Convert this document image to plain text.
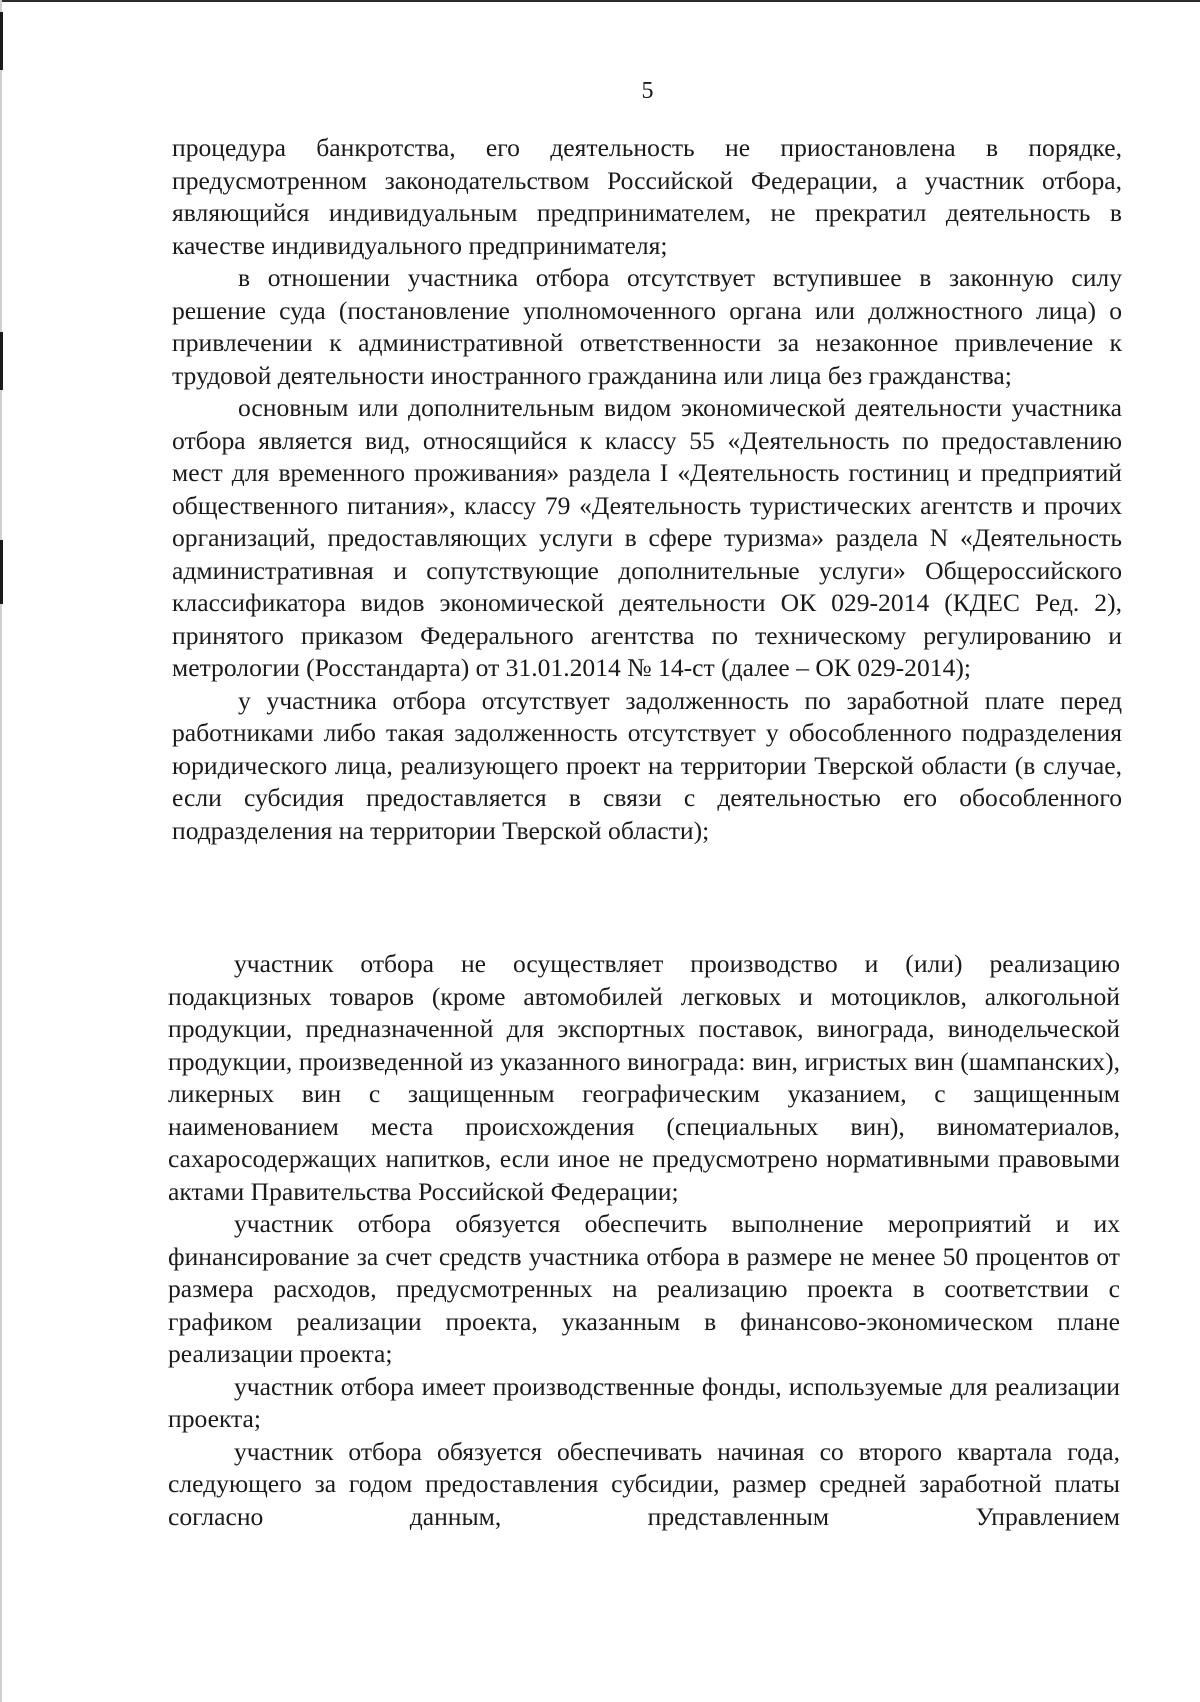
5

процедура банкротства, его деятельность не приостановлена в порядке, предусмотренном законодательством Российской Федерации, а участник отбора, являющийся индивидуальным предпринимателем, не прекратил деятельность в качестве индивидуального предпринимателя;

в отношении участника отбора отсутствует вступившее в законную силу решение суда (постановление уполномоченного органа или должностного лица) о привлечении к административной ответственности за незаконное привлечение к трудовой деятельности иностранного гражданина или лица без гражданства;

основным или дополнительным видом экономической деятельности участника отбора является вид, относящийся к классу 55 «Деятельность по предоставлению мест для временного проживания» раздела I «Деятельность гостиниц и предприятий общественного питания», классу 79 «Деятельность туристических агентств и прочих организаций, предоставляющих услуги в сфере туризма» раздела N «Деятельность административная и сопутствующие дополнительные услуги» Общероссийского классификатора видов экономической деятельности ОК 029-2014 (КДЕС Ред. 2), принятого приказом Федерального агентства по техническому регулированию и метрологии (Росстандарта) от 31.01.2014 № 14-ст (далее – ОК 029-2014);

у участника отбора отсутствует задолженность по заработной плате перед работниками либо такая задолженность отсутствует у обособленного подразделения юридического лица, реализующего проект на территории Тверской области (в случае, если субсидия предоставляется в связи с деятельностью его обособленного подразделения на территории Тверской области);

участник отбора не осуществляет производство и (или) реализацию подакцизных товаров (кроме автомобилей легковых и мотоциклов, алкогольной продукции, предназначенной для экспортных поставок, винограда, винодельческой продукции, произведенной из указанного винограда: вин, игристых вин (шампанских), ликерных вин с защищенным географическим указанием, с защищенным наименованием места происхождения (специальных вин), виноматериалов, сахаросодержащих напитков, если иное не предусмотрено нормативными правовыми актами Правительства Российской Федерации;

участник отбора обязуется обеспечить выполнение мероприятий и их финансирование за счет средств участника отбора в размере не менее 50 процентов от размера расходов, предусмотренных на реализацию проекта в соответствии с графиком реализации проекта, указанным в финансово-экономическом плане реализации проекта;

участник отбора имеет производственные фонды, используемые для реализации проекта;

участник отбора обязуется обеспечивать начиная со второго квартала года, следующего за годом предоставления субсидии, размер средней заработной платы согласно данным, представленным Управлением
